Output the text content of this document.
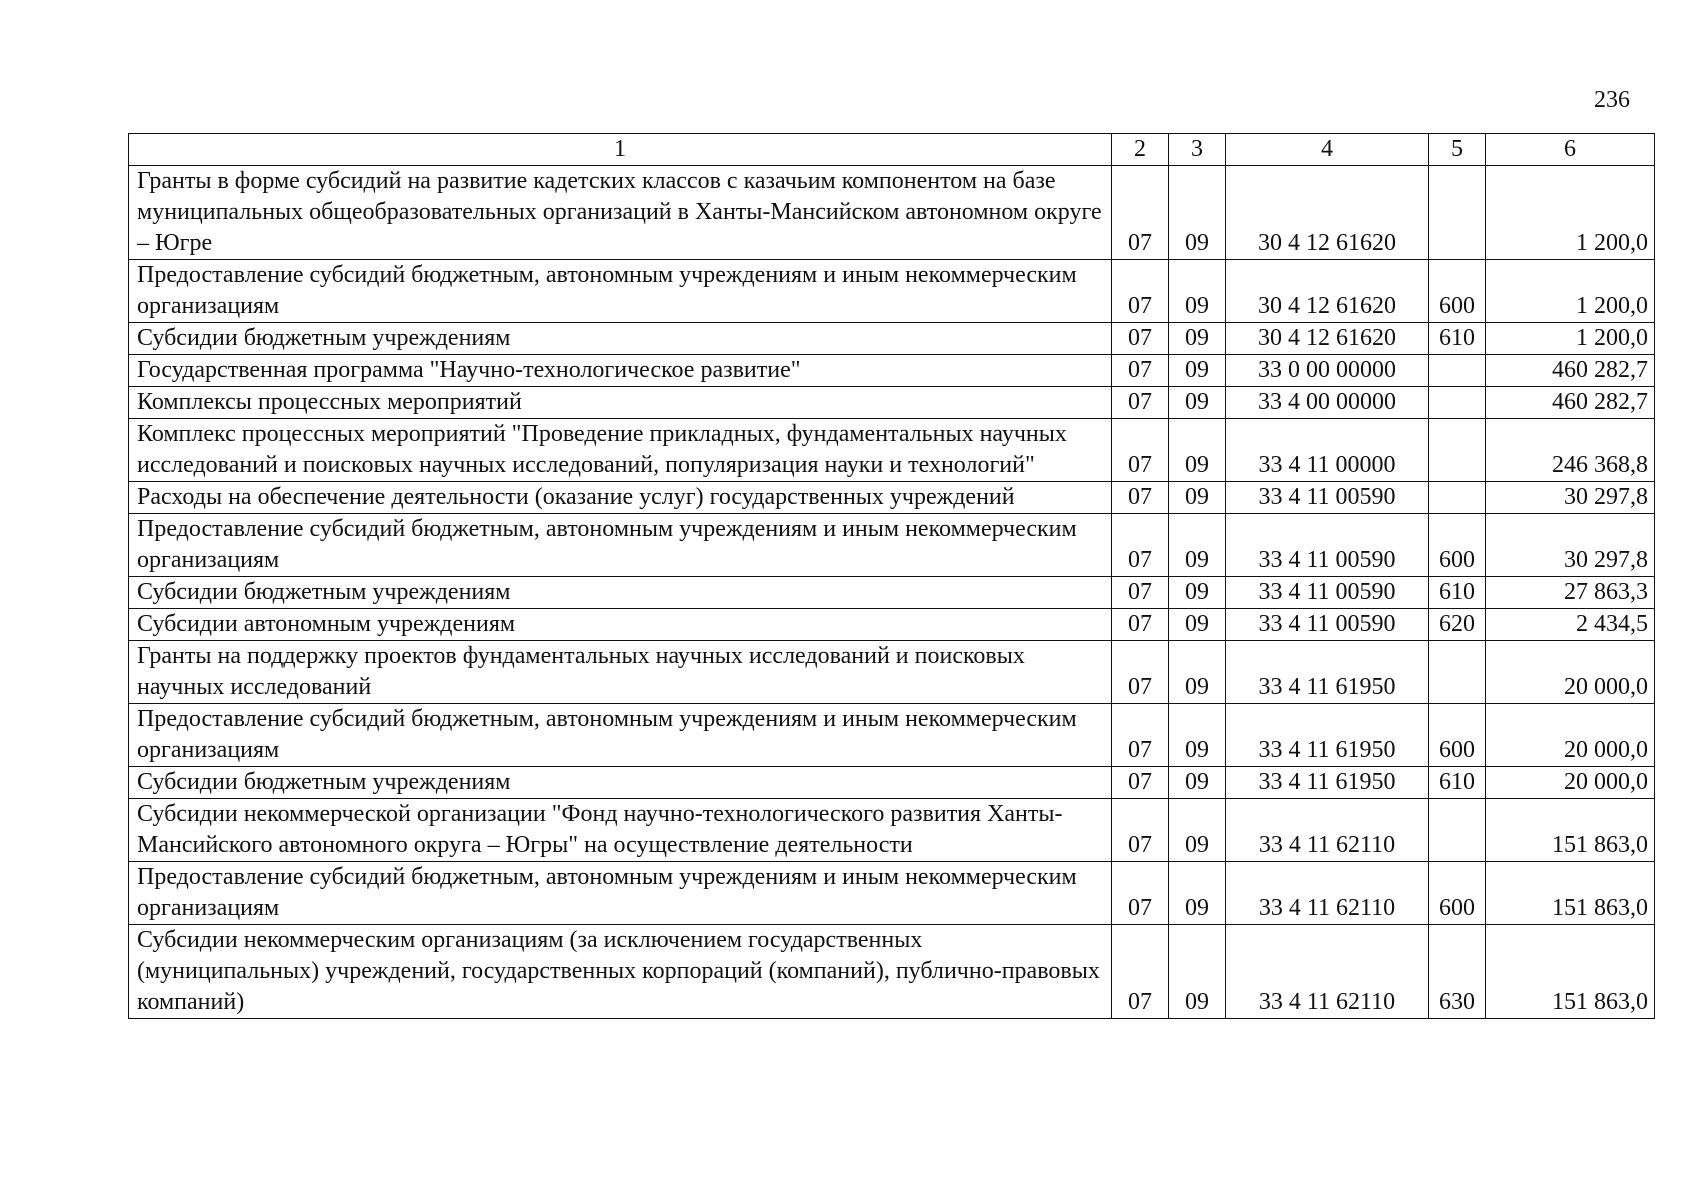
236
1	2	3	4	5	6
Гранты в форме субсидий на развитие кадетских классов с казачьим компонентом на базе муниципальных общеобразовательных организаций в Ханты-Мансийском автономном округе – Югре	07	09	30 4 12 61620		1 200,0
Предоставление субсидий бюджетным, автономным учреждениям и иным некоммерческим организациям	07	09	30 4 12 61620	600	1 200,0
Субсидии бюджетным учреждениям	07	09	30 4 12 61620	610	1 200,0
Государственная программа "Научно-технологическое развитие"	07	09	33 0 00 00000		460 282,7
Комплексы процессных мероприятий	07	09	33 4 00 00000		460 282,7
Комплекс процессных мероприятий "Проведение прикладных, фундаментальных научных исследований и поисковых научных исследований, популяризация науки и технологий"	07	09	33 4 11 00000		246 368,8
Расходы на обеспечение деятельности (оказание услуг) государственных учреждений	07	09	33 4 11 00590		30 297,8
Предоставление субсидий бюджетным, автономным учреждениям и иным некоммерческим организациям	07	09	33 4 11 00590	600	30 297,8
Субсидии бюджетным учреждениям	07	09	33 4 11 00590	610	27 863,3
Субсидии автономным учреждениям	07	09	33 4 11 00590	620	2 434,5
Гранты на поддержку проектов фундаментальных научных исследований и поисковых научных исследований	07	09	33 4 11 61950		20 000,0
Предоставление субсидий бюджетным, автономным учреждениям и иным некоммерческим организациям	07	09	33 4 11 61950	600	20 000,0
Субсидии бюджетным учреждениям	07	09	33 4 11 61950	610	20 000,0
Субсидии некоммерческой организации "Фонд научно-технологического развития Ханты-Мансийского автономного округа – Югры" на осуществление деятельности	07	09	33 4 11 62110		151 863,0
Предоставление субсидий бюджетным, автономным учреждениям и иным некоммерческим организациям	07	09	33 4 11 62110	600	151 863,0
Субсидии некоммерческим организациям (за исключением государственных (муниципальных) учреждений, государственных корпораций (компаний), публично-правовых компаний)	07	09	33 4 11 62110	630	151 863,0
